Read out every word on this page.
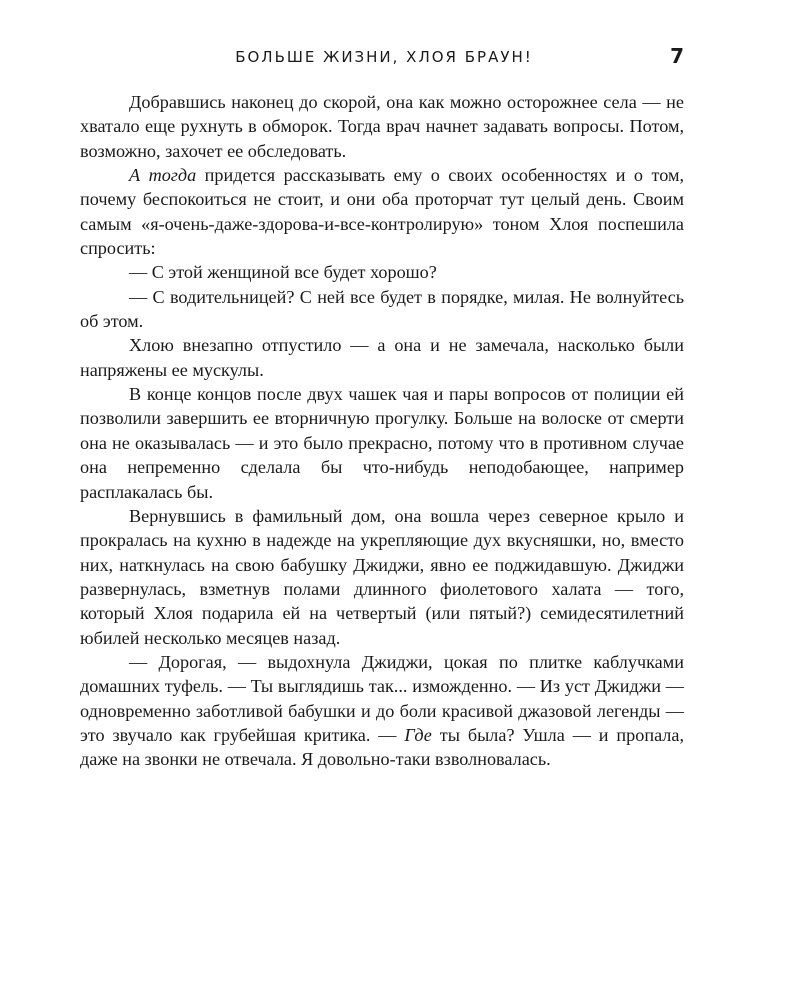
БОЛЬШЕ ЖИЗНИ, ХЛОЯ БРАУН!	7

Добравшись наконец до скорой, она как можно осторожнее села — не хватало еще рухнуть в обморок. Тогда врач начнет задавать вопросы. Потом, возможно, захочет ее обследовать.

А тогда придется рассказывать ему о своих особенностях и о том, почему беспокоиться не стоит, и они оба проторчат тут целый день. Своим самым «я-очень-даже-здорова-и-все-контролирую» тоном Хлоя поспешила спросить:

— С этой женщиной все будет хорошо?

— С водительницей? С ней все будет в порядке, милая. Не волнуйтесь об этом.

Хлою внезапно отпустило — а она и не замечала, насколько были напряжены ее мускулы.

В конце концов после двух чашек чая и пары вопросов от полиции ей позволили завершить ее вторничную прогулку. Больше на волоске от смерти она не оказывалась — и это было прекрасно, потому что в противном случае она непременно сделала бы что-нибудь неподобающее, например расплакалась бы.

Вернувшись в фамильный дом, она вошла через северное крыло и прокралась на кухню в надежде на укрепляющие дух вкусняшки, но, вместо них, наткнулась на свою бабушку Джиджи, явно ее поджидавшую. Джиджи развернулась, взметнув полами длинного фиолетового халата — того, который Хлоя подарила ей на четвертый (или пятый?) семидесятилетний юбилей несколько месяцев назад.

— Дорогая, — выдохнула Джиджи, цокая по плитке каблучками домашних туфель. — Ты выглядишь так... изможденно. — Из уст Джиджи — одновременно заботливой бабушки и до боли красивой джазовой легенды — это звучало как грубейшая критика. — Где ты была? Ушла — и пропала, даже на звонки не отвечала. Я довольно-таки взволновалась.
